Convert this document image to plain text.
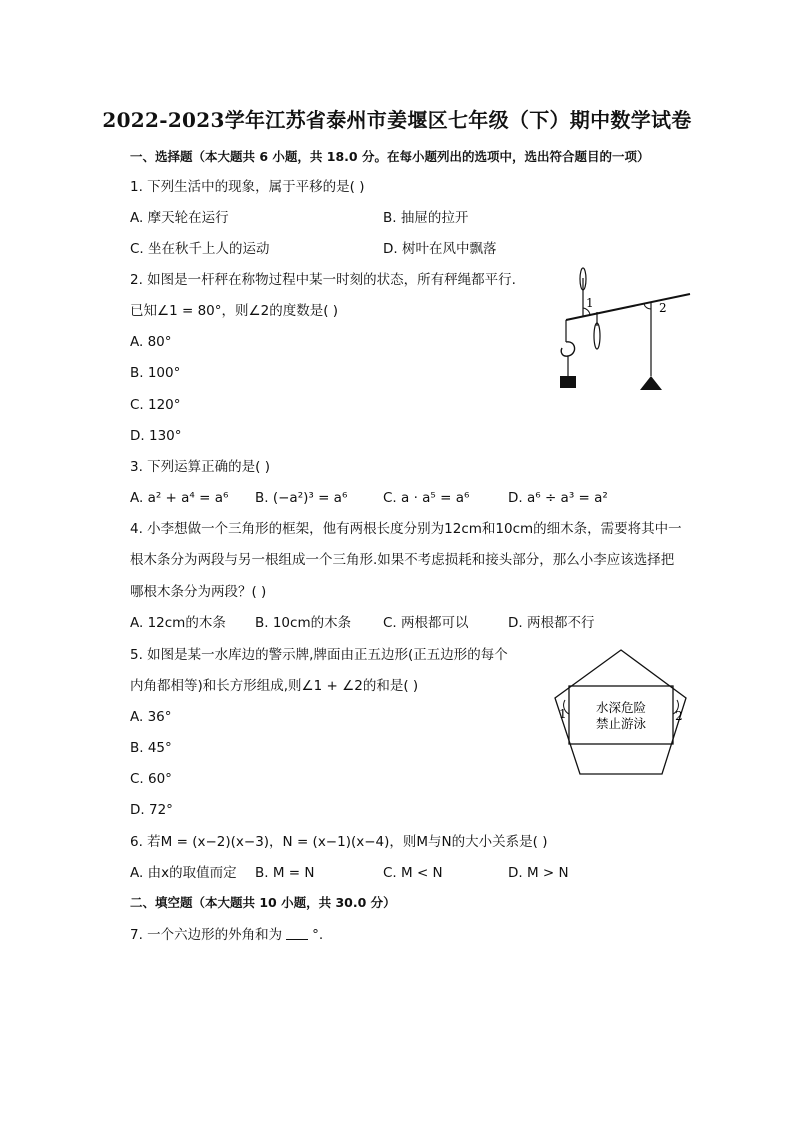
2022-2023学年江苏省泰州市姜堰区七年级（下）期中数学试卷
一、选择题（本大题共 6 小题，共 18.0 分。在每小题列出的选项中，选出符合题目的一项）
1. 下列生活中的现象，属于平移的是( )
A. 摩天轮在运行	B. 抽屉的拉开
C. 坐在秋千上人的运动	D. 树叶在风中飘落
2. 如图是一杆秤在称物过程中某一时刻的状态，所有秤绳都平行.
已知∠1 = 80°，则∠2的度数是( )
A. 80°
B. 100°
C. 120°
D. 130°
1	2
3. 下列运算正确的是( )
A. a² + a⁴ = a⁶ B. (−a²)³ = a⁶	C. a · a⁵ = a⁶	D. a⁶ ÷ a³ = a²
4. 小李想做一个三角形的框架，他有两根长度分别为12cm和10cm的细木条，需要将其中一
根木条分为两段与另一根组成一个三角形.如果不考虑损耗和接头部分，那么小李应该选择把
哪根木条分为两段？( )
A. 12cm的木条 B. 10cm的木条 C. 两根都可以	D. 两根都不行
5. 如图是某一水库边的警示牌,牌面由正五边形(正五边形的每个
内角都相等)和长方形组成,则∠1 + ∠2的和是( )
A. 36°
B. 45°
C. 60°
D. 72°
水深危险
禁止游泳
1	2
6. 若M = (x−2)(x−3)，N = (x−1)(x−4)，则M与N的大小关系是( )
A. 由x的取值而定 B. M = N	C. M < N	D. M > N
二、填空题（本大题共 10 小题，共 30.0 分）
7. 一个六边形的外角和为 °.
